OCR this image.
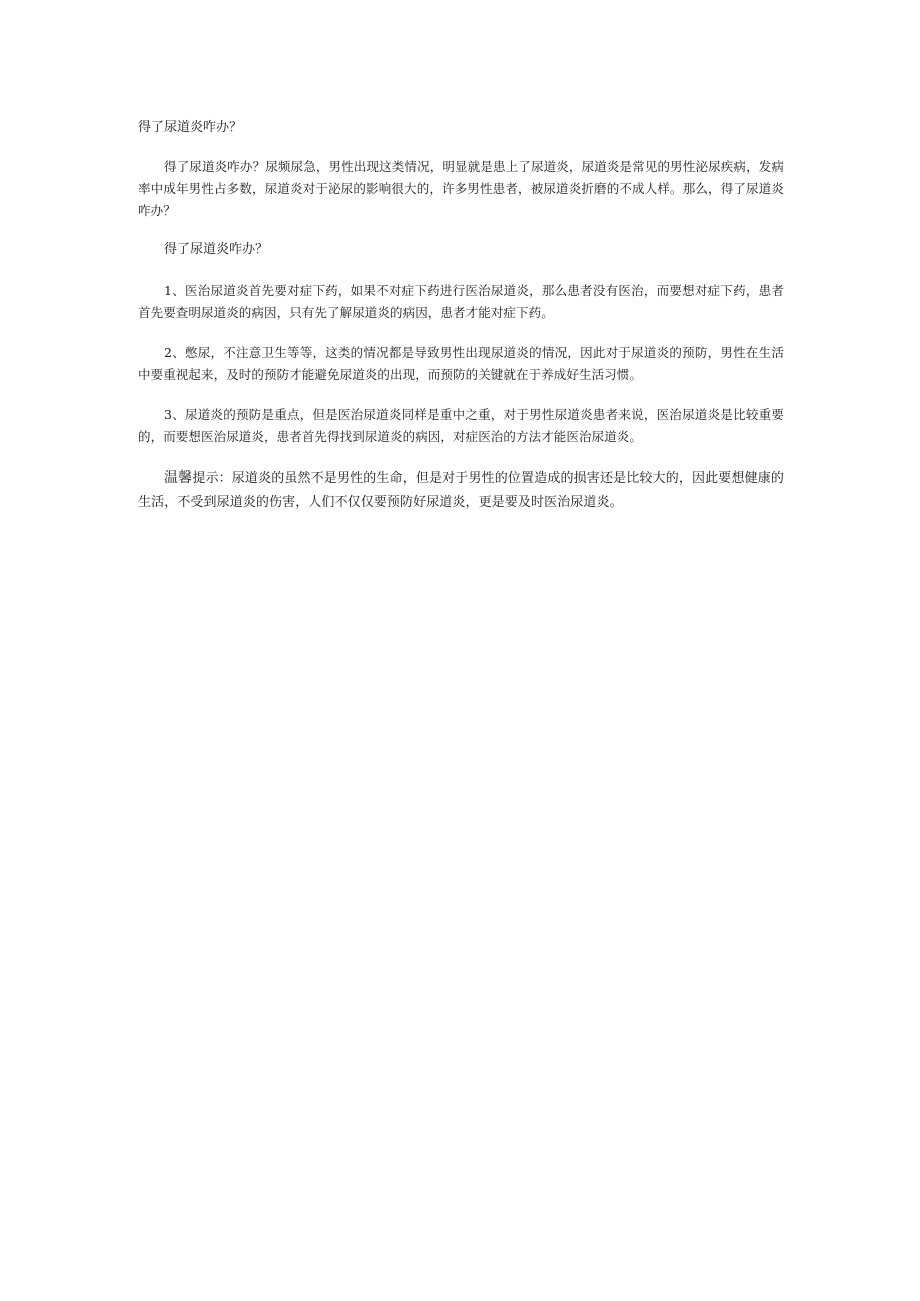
得了尿道炎咋办？

得了尿道炎咋办？尿频尿急，男性出现这类情况，明显就是患上了尿道炎，尿道炎是常见的男性泌尿疾病，发病率中成年男性占多数，尿道炎对于泌尿的影响很大的，许多男性患者，被尿道炎折磨的不成人样。那么，得了尿道炎咋办？

得了尿道炎咋办？

1、医治尿道炎首先要对症下药，如果不对症下药进行医治尿道炎，那么患者没有医治，而要想对症下药，患者首先要查明尿道炎的病因，只有先了解尿道炎的病因，患者才能对症下药。

2、憋尿，不注意卫生等等，这类的情况都是导致男性出现尿道炎的情况，因此对于尿道炎的预防，男性在生活中要重视起来，及时的预防才能避免尿道炎的出现，而预防的关键就在于养成好生活习惯。

3、尿道炎的预防是重点，但是医治尿道炎同样是重中之重，对于男性尿道炎患者来说，医治尿道炎是比较重要的，而要想医治尿道炎，患者首先得找到尿道炎的病因，对症医治的方法才能医治尿道炎。

温馨提示：尿道炎的虽然不是男性的生命，但是对于男性的位置造成的损害还是比较大的，因此要想健康的生活，不受到尿道炎的伤害，人们不仅仅要预防好尿道炎，更是要及时医治尿道炎。
